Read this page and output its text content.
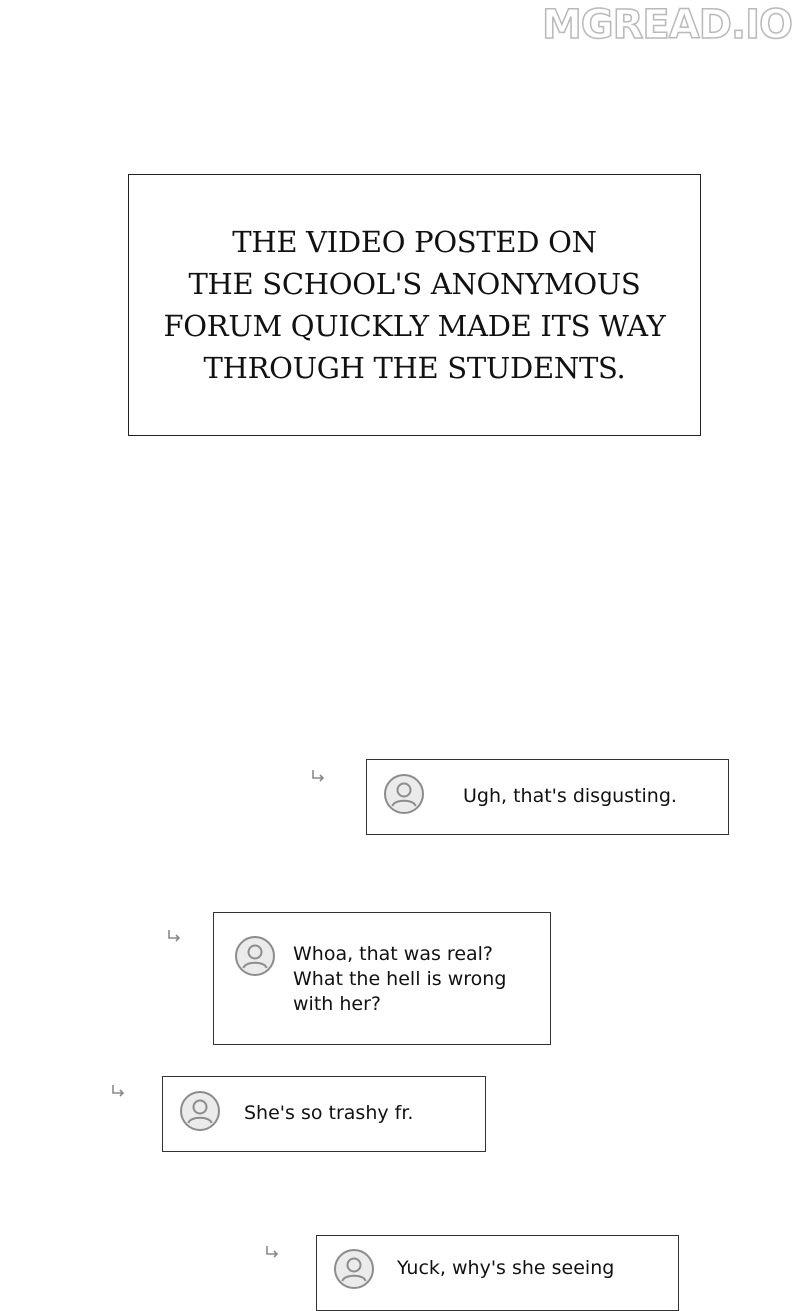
MGREAD.IO
THE VIDEO POSTED ON
THE SCHOOL'S ANONYMOUS
FORUM QUICKLY MADE ITS WAY
THROUGH THE STUDENTS.
Ugh, that's disgusting.
Whoa, that was real?
What the hell is wrong
with her?
She's so trashy fr.
Yuck, why's she seeing
